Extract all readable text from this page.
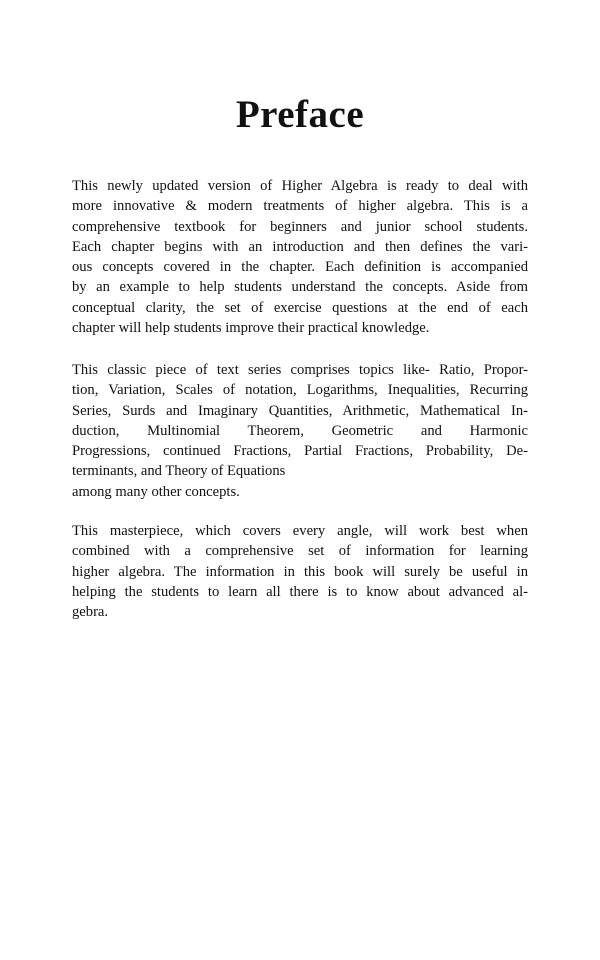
Preface
This newly updated version of Higher Algebra is ready to deal with
more innovative & modern treatments of higher algebra. This is a
comprehensive textbook for beginners and junior school students.
Each chapter begins with an introduction and then defines the vari-
ous concepts covered in the chapter. Each definition is accompanied
by an example to help students understand the concepts. Aside from
conceptual clarity, the set of exercise questions at the end of each
chapter will help students improve their practical knowledge.
This classic piece of text series comprises topics like- Ratio, Propor-
tion, Variation, Scales of notation, Logarithms, Inequalities, Recurring
Series, Surds and Imaginary Quantities, Arithmetic, Mathematical In-
duction, Multinomial Theorem, Geometric and Harmonic
Progressions, continued Fractions, Partial Fractions, Probability, De-
terminants, and Theory of Equations
among many other concepts.
This masterpiece, which covers every angle, will work best when
combined with a comprehensive set of information for learning
higher algebra. The information in this book will surely be useful in
helping the students to learn all there is to know about advanced al-
gebra.
